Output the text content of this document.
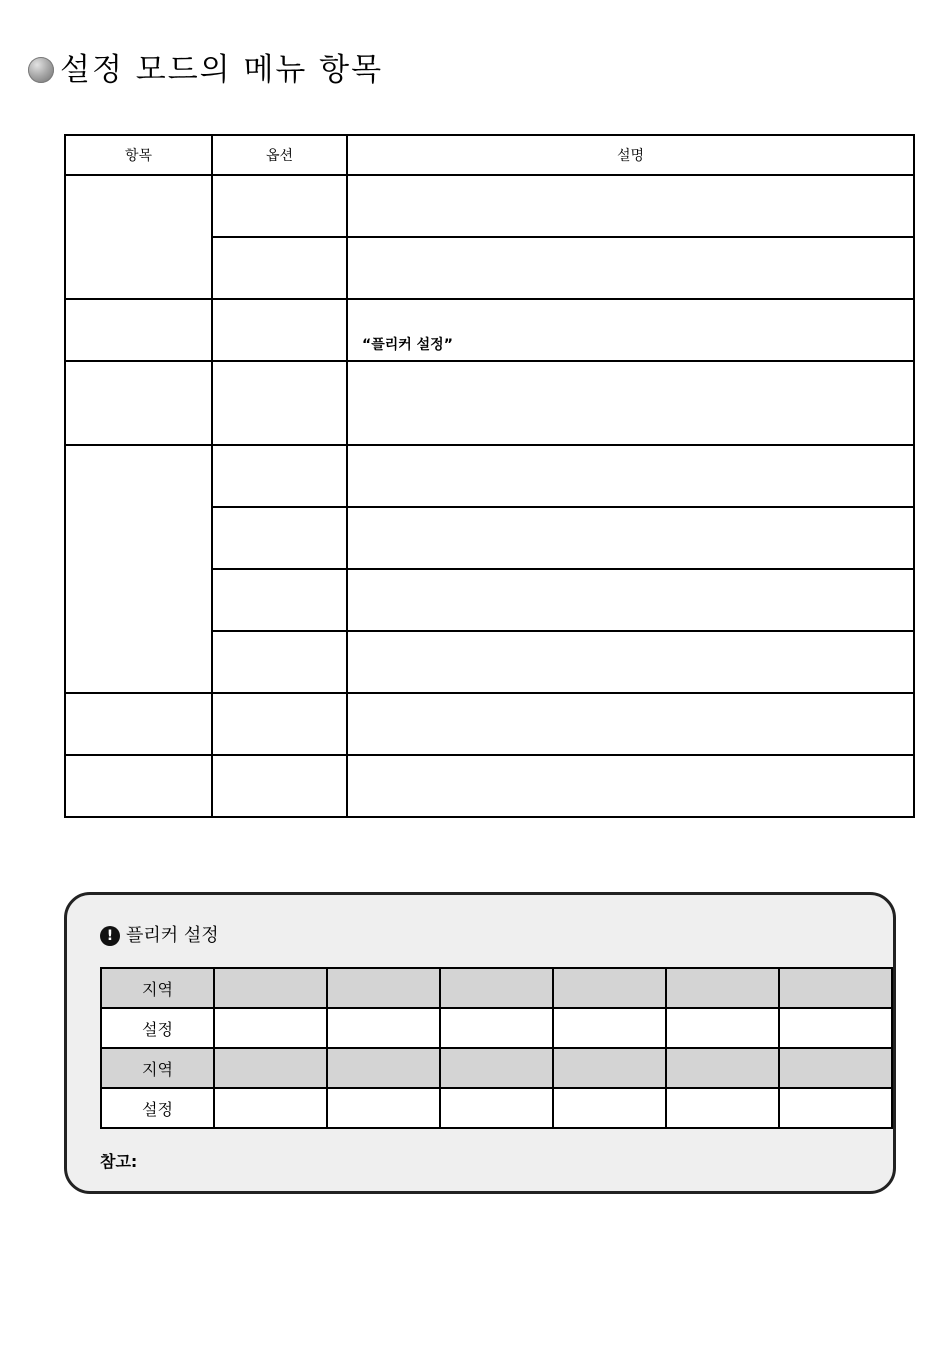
설정 모드의 메뉴 항목
항목	옵션	설명

		“플리커 설정”

! 플리커 설정
지역						
설정						
지역						
설정						
참고:
